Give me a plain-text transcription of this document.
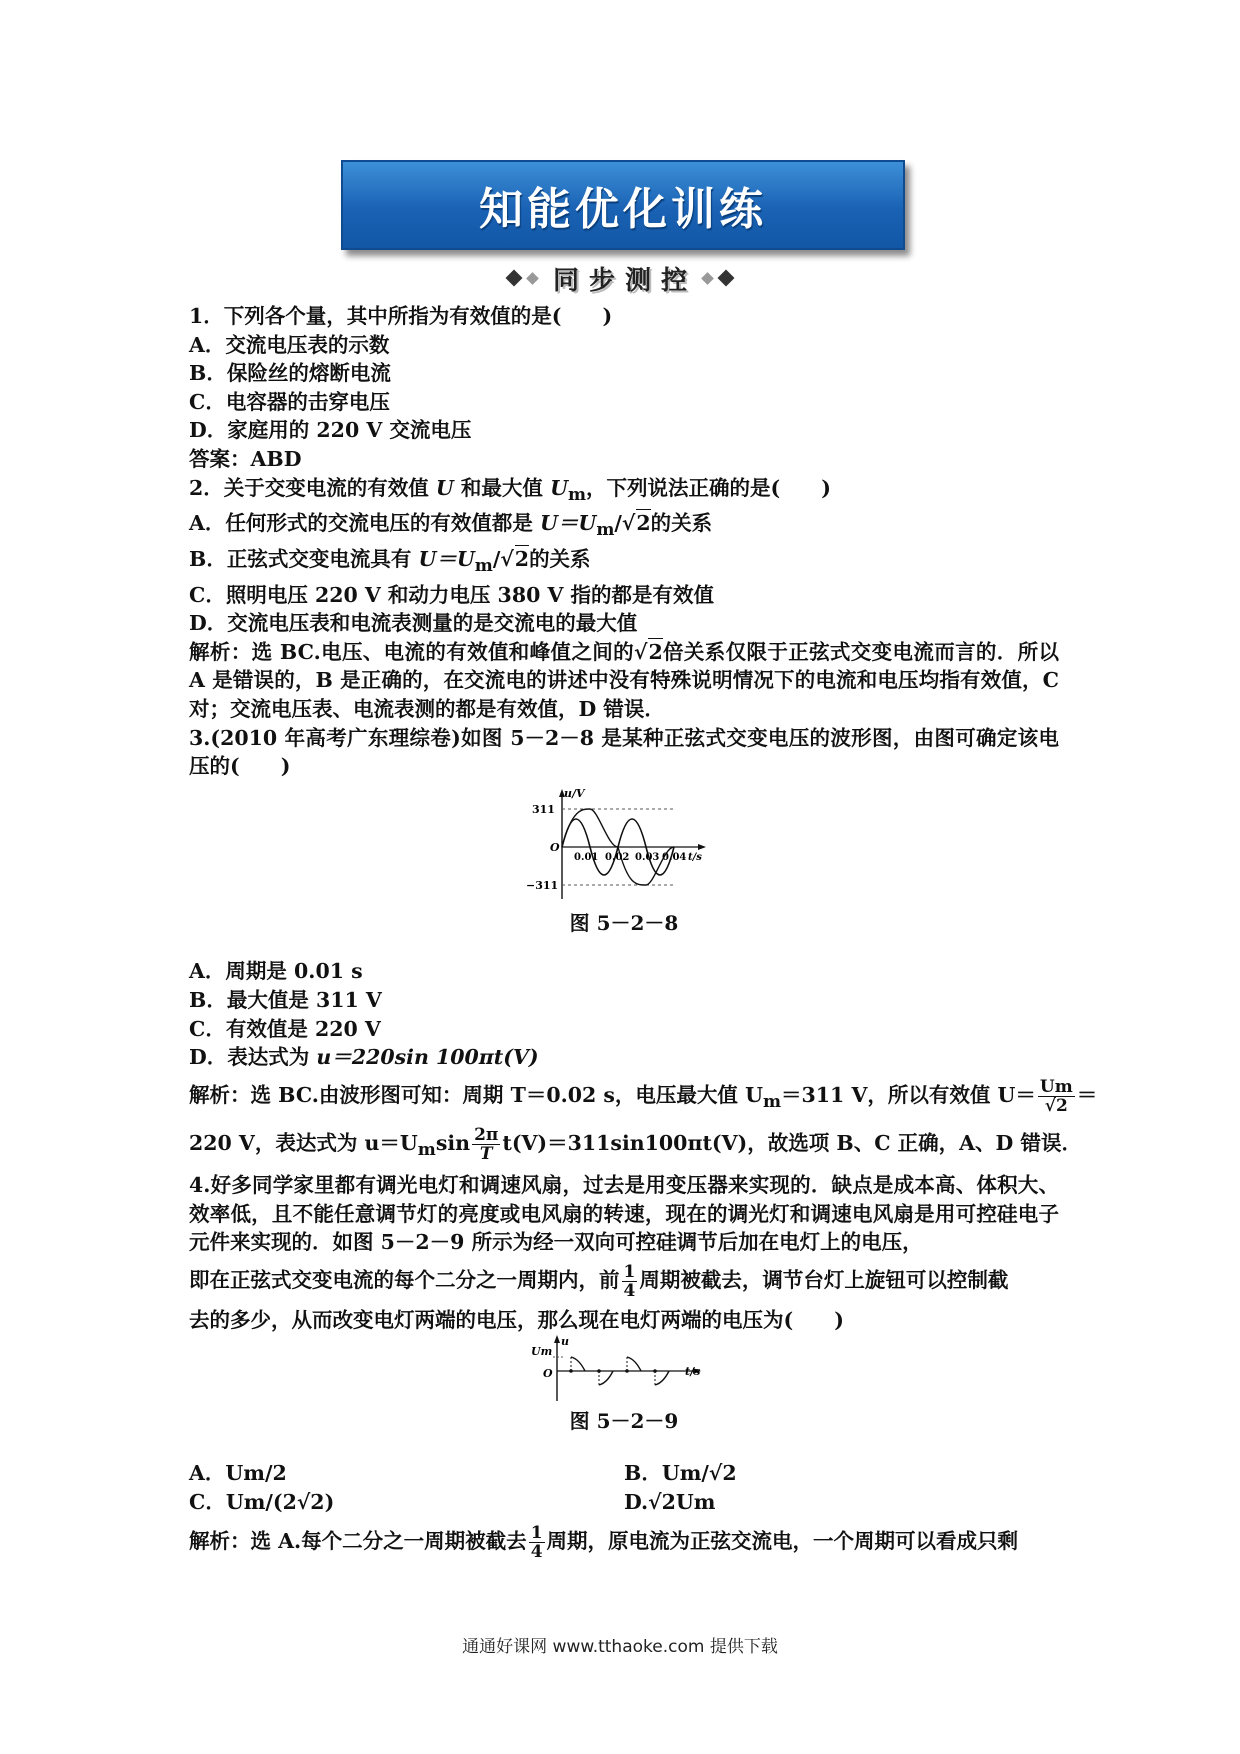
知能优化训练
同 步 测 控
1．下列各个量，其中所指为有效值的是(　　)
A．交流电压表的示数
B．保险丝的熔断电流
C．电容器的击穿电压
D．家庭用的 220 V 交流电压
答案：ABD
2．关于交变电流的有效值 U 和最大值 $U_m$，下列说法正确的是(　　)
A．任何形式的交流电压的有效值都是 $U=U_m/√2$的关系
B．正弦式交变电流具有 $U=U_m/√2$的关系
C．照明电压 220 V 和动力电压 380 V 指的都是有效值
D．交流电压表和电流表测量的是交流电的最大值
解析：选 BC.电压、电流的有效值和峰值之间的√2倍关系仅限于正弦式交变电流而言的．所以 A 是错误的，B 是正确的，在交流电的讲述中没有特殊说明情况下的电流和电压均指有效值，C 对；交流电压表、电流表测的都是有效值，D 错误．
3.(2010 年高考广东理综卷)如图 5－2－8 是某种正弦式交变电压的波形图，由图可确定该电压的(　　)
u/V
311
−311
O
0.01 0.02 0.03 0.04 t/s
图 5－2－8
A．周期是 0.01 s
B．最大值是 311 V
C．有效值是 220 V
D．表达式为 u＝220sin 100πt(V)
解析：选 BC.由波形图可知：周期 T＝0.02 s，电压最大值 $U_m=311$ V，所以有效值 $U= \frac{Um}{√2}$ ＝
220 V，表达式为 $u=U_m\sin \frac{2\pi}{T} t(V)=311\sin 100\pi t(V)$，故选项 B、C 正确，A、D 错误．
4.好多同学家里都有调光电灯和调速风扇，过去是用变压器来实现的．缺点是成本高、体积大、效率低，且不能任意调节灯的亮度或电风扇的转速，现在的调光灯和调速电风扇是用可控硅电子元件来实现的．如图 5－2－9 所示为经一双向可控硅调节后加在电灯上的电压，
即在正弦式交变电流的每个二分之一周期内，前 $\frac{1}{4}$ 周期被截去，调节台灯上旋钮可以控制截
去的多少，从而改变电灯两端的电压，那么现在电灯两端的电压为(　　)
u
Um
O	t/s
图 5－2－9
A．Um/2	B．Um/√2
C．Um/(2√2)	D.√2Um
解析：选 A.每个二分之一周期被截去 $\frac{1}{4}$ 周期，原电流为正弦交流电，一个周期可以看成只剩
通通好课网 www.tthaoke.com 提供下载
